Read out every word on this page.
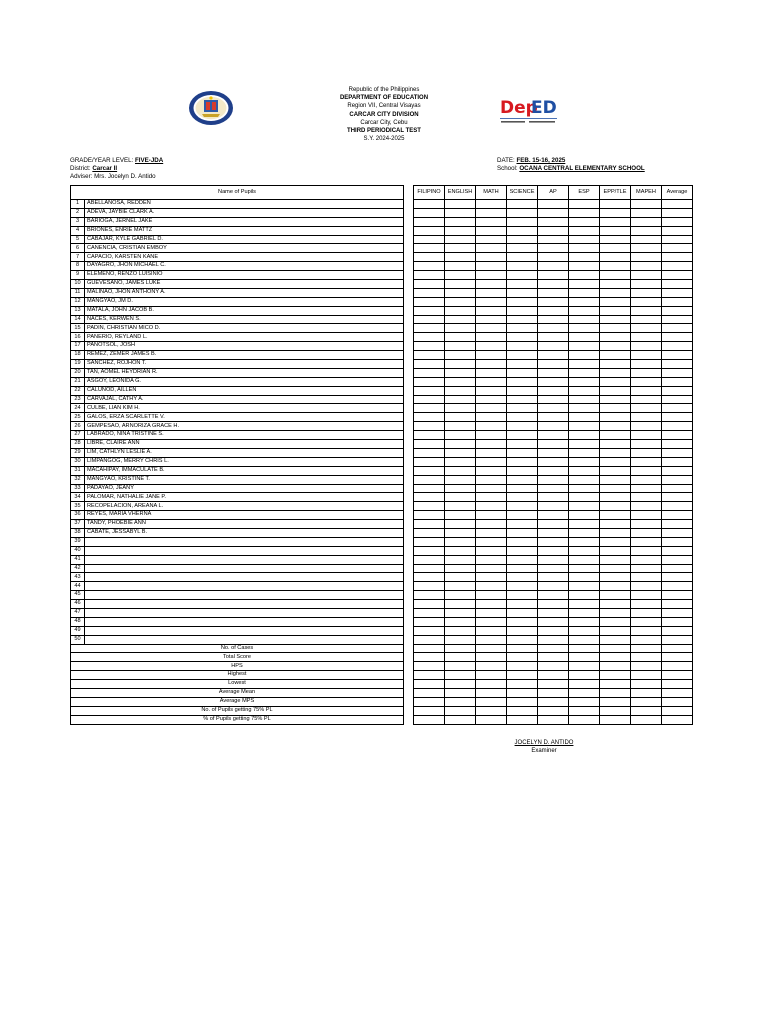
Dep
ED
Republic of the Philippines
DEPARTMENT OF EDUCATION
Region VII, Central Visayas
CARCAR CITY DIVISION
Carcar City, Cebu
THIRD PERIODICAL TEST
S.Y. 2024-2025
GRADE/YEAR LEVEL: FIVE-JDA
District: Carcar II
Adviser: Mrs. Jocelyn D. Antido
DATE: FEB. 15-16, 2025
School: OCANA CENTRAL ELEMENTARY SCHOOL
Name of Pupils			FILIPINO	ENGLISH	MATH	SCIENCE	AP	ESP	EPP/TLE	MAPEH	Average
1	ABELLANOSA, REDDEN										
2	ADEVA, JAYBIE CLARK A.										
3	BARIOGA, JERNEL JAKE										
4	BRIONES, ENRIE MATTZ										
5	CABAJAR, KYLE GABRIEL D.										
6	CANENCIA, CRISTIAN EMBOY										
7	CAPACIO, KARSTEN KANE										
8	DAYAGRO, JHON MICHAEL C.										
9	ELEMENO, RENZO LUISINIO										
10	GUEVESANO, JAMES LUKE										
11	MALINAO, JHON ANTHONY A.										
12	MANGYAO, JM D.										
13	MATALA, JOHN JACOB B.										
14	NACES, KERWEN S.										
15	PADIN, CHRISTIAN MICO D.										
16	PANERIO, REYLAND L.										
17	PANOTSOL, JOSH										
18	REMEZ, ZEMER JAMES B.										
19	SANCHEZ, ROJHON T.										
20	TAN, AOMEL HEYDRIAN R.										
21	ASGOY, LEONIDA G.										
22	CALUNOD, AILLEN										
23	CARVAJAL, CATHY A.										
24	CULBE, LIAN KIM H.										
25	GALOS, ERZA SCARLETTE V.										
26	GEMPESAO, ARNORIZA GRACE H.										
27	LABRADO, NINA TRISTINE S.										
28	LIBRE, CLAIRE ANN										
29	LIM, CATHLYN LESLIE A.										
30	LIMPANGOG, MERRY CHRIS L.										
31	MACAHIPAY, IMMACULATE B.										
32	MANGYAO, KRISTINE T.										
33	PADAYAO, JEANY										
34	PALOMAR, NATHALIE JANE P.										
35	RECOPELACION, AREANA L.										
36	REYES, MARIA VHERNA										
37	TANDY, PHOEBIE ANN										
38	CABATE, JESSABYL B.										
39											
40											
41											
42											
43											
44											
45											
46											
47											
48											
49											
50											
No. of Cases											
Total Score											
HPS											
Highest											
Lowest											
Average Mean											
Average MPS											
No. of Pupils getting 75% PL											
% of Pupils getting 75% PL											
JOCELYN D. ANTIDO
Examiner
